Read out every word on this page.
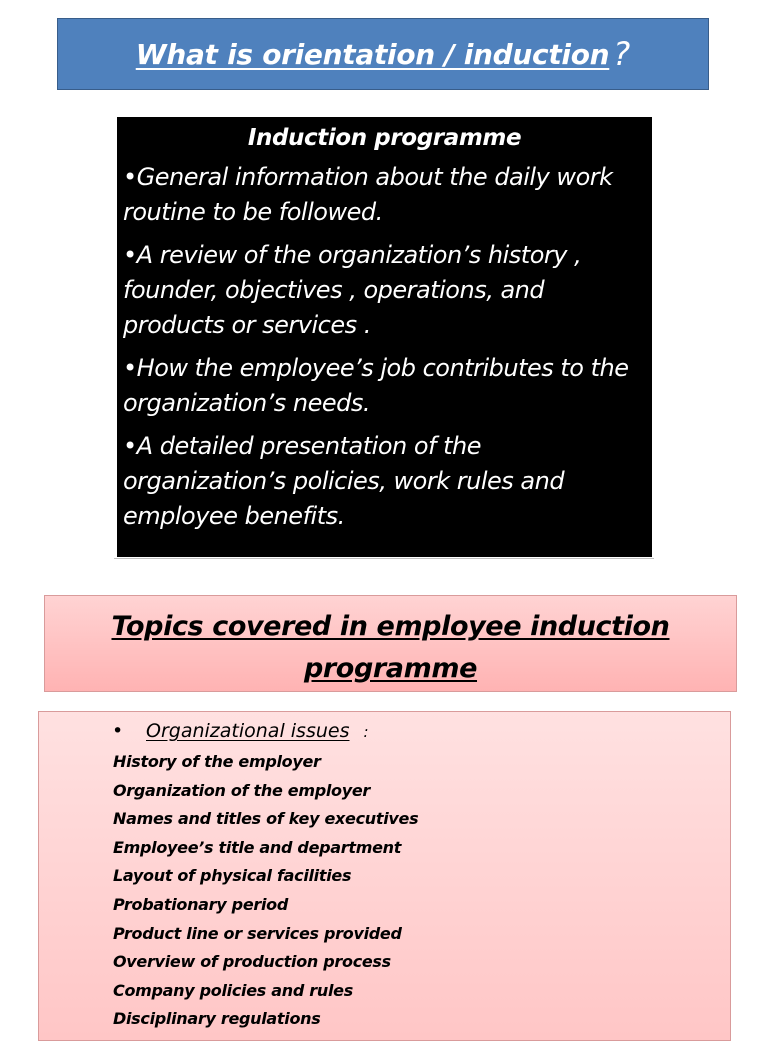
What is orientation / induction ?
Induction programme
•General information about the daily work routine to be followed.
•A review of the organization’s history , founder, objectives , operations, and products or services .
•How the employee’s job contributes to the organization’s needs.
•A detailed presentation of the organization’s policies, work rules and employee benefits.
Topics covered in employee induction programme
• Organizational issues :
History of the employer
Organization of the employer
Names and titles of key executives
Employee’s title and department
Layout of physical facilities
Probationary period
Product line or services provided
Overview of production process
Company policies and rules
Disciplinary regulations
